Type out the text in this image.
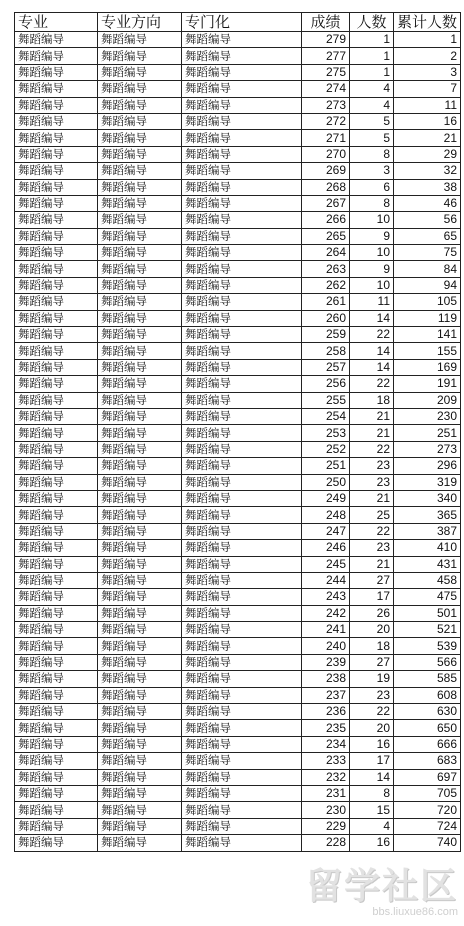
专业	专业方向	专门化	成绩	人数	累计人数
舞蹈编导	舞蹈编导	舞蹈编导	279	1	1
舞蹈编导	舞蹈编导	舞蹈编导	277	1	2
舞蹈编导	舞蹈编导	舞蹈编导	275	1	3
舞蹈编导	舞蹈编导	舞蹈编导	274	4	7
舞蹈编导	舞蹈编导	舞蹈编导	273	4	11
舞蹈编导	舞蹈编导	舞蹈编导	272	5	16
舞蹈编导	舞蹈编导	舞蹈编导	271	5	21
舞蹈编导	舞蹈编导	舞蹈编导	270	8	29
舞蹈编导	舞蹈编导	舞蹈编导	269	3	32
舞蹈编导	舞蹈编导	舞蹈编导	268	6	38
舞蹈编导	舞蹈编导	舞蹈编导	267	8	46
舞蹈编导	舞蹈编导	舞蹈编导	266	10	56
舞蹈编导	舞蹈编导	舞蹈编导	265	9	65
舞蹈编导	舞蹈编导	舞蹈编导	264	10	75
舞蹈编导	舞蹈编导	舞蹈编导	263	9	84
舞蹈编导	舞蹈编导	舞蹈编导	262	10	94
舞蹈编导	舞蹈编导	舞蹈编导	261	11	105
舞蹈编导	舞蹈编导	舞蹈编导	260	14	119
舞蹈编导	舞蹈编导	舞蹈编导	259	22	141
舞蹈编导	舞蹈编导	舞蹈编导	258	14	155
舞蹈编导	舞蹈编导	舞蹈编导	257	14	169
舞蹈编导	舞蹈编导	舞蹈编导	256	22	191
舞蹈编导	舞蹈编导	舞蹈编导	255	18	209
舞蹈编导	舞蹈编导	舞蹈编导	254	21	230
舞蹈编导	舞蹈编导	舞蹈编导	253	21	251
舞蹈编导	舞蹈编导	舞蹈编导	252	22	273
舞蹈编导	舞蹈编导	舞蹈编导	251	23	296
舞蹈编导	舞蹈编导	舞蹈编导	250	23	319
舞蹈编导	舞蹈编导	舞蹈编导	249	21	340
舞蹈编导	舞蹈编导	舞蹈编导	248	25	365
舞蹈编导	舞蹈编导	舞蹈编导	247	22	387
舞蹈编导	舞蹈编导	舞蹈编导	246	23	410
舞蹈编导	舞蹈编导	舞蹈编导	245	21	431
舞蹈编导	舞蹈编导	舞蹈编导	244	27	458
舞蹈编导	舞蹈编导	舞蹈编导	243	17	475
舞蹈编导	舞蹈编导	舞蹈编导	242	26	501
舞蹈编导	舞蹈编导	舞蹈编导	241	20	521
舞蹈编导	舞蹈编导	舞蹈编导	240	18	539
舞蹈编导	舞蹈编导	舞蹈编导	239	27	566
舞蹈编导	舞蹈编导	舞蹈编导	238	19	585
舞蹈编导	舞蹈编导	舞蹈编导	237	23	608
舞蹈编导	舞蹈编导	舞蹈编导	236	22	630
舞蹈编导	舞蹈编导	舞蹈编导	235	20	650
舞蹈编导	舞蹈编导	舞蹈编导	234	16	666
舞蹈编导	舞蹈编导	舞蹈编导	233	17	683
舞蹈编导	舞蹈编导	舞蹈编导	232	14	697
舞蹈编导	舞蹈编导	舞蹈编导	231	8	705
舞蹈编导	舞蹈编导	舞蹈编导	230	15	720
舞蹈编导	舞蹈编导	舞蹈编导	229	4	724
舞蹈编导	舞蹈编导	舞蹈编导	228	16	740
留学社区
bbs.liuxue86.com
